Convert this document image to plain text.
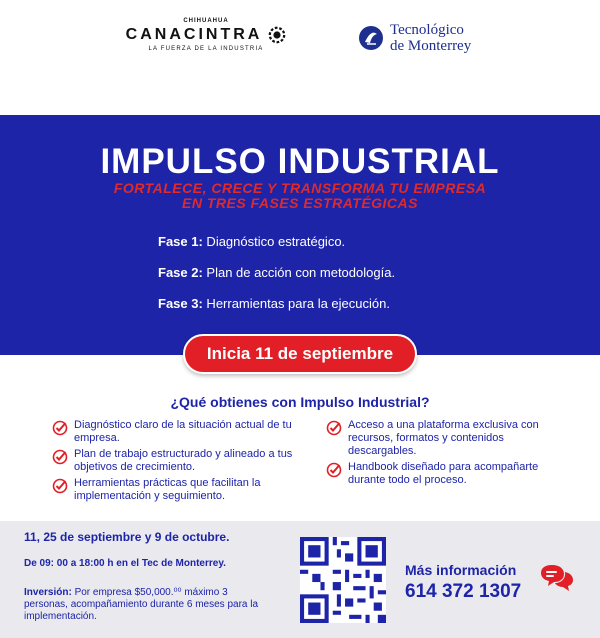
CHIHUAHUA
CANACINTRA
LA FUERZA DE LA INDUSTRIA
Tecnológico
de Monterrey
IMPULSO INDUSTRIAL
FORTALECE, CRECE Y TRANSFORMA TU EMPRESA
EN TRES FASES ESTRATÉGICAS
Fase 1: Diagnóstico estratégico.
Fase 2: Plan de acción con metodología.
Fase 3: Herramientas para la ejecución.
Inicia 11 de septiembre
¿Qué obtienes con Impulso Industrial?
Diagnóstico claro de la situación actual de tu empresa.
Plan de trabajo estructurado y alineado a tus objetivos de crecimiento.
Herramientas prácticas que facilitan la implementación y seguimiento.
Acceso a una plataforma exclusiva con recursos, formatos y contenidos descargables.
Handbook diseñado para acompañarte durante todo el proceso.
11, 25 de septiembre y 9 de octubre.
De 09: 00 a 18:00 h en el Tec de Monterrey.
Inversión: Por empresa $50,000.⁰⁰ máximo 3 personas, acompañamiento durante 6 meses para la implementación.
Más información
614 372 1307
